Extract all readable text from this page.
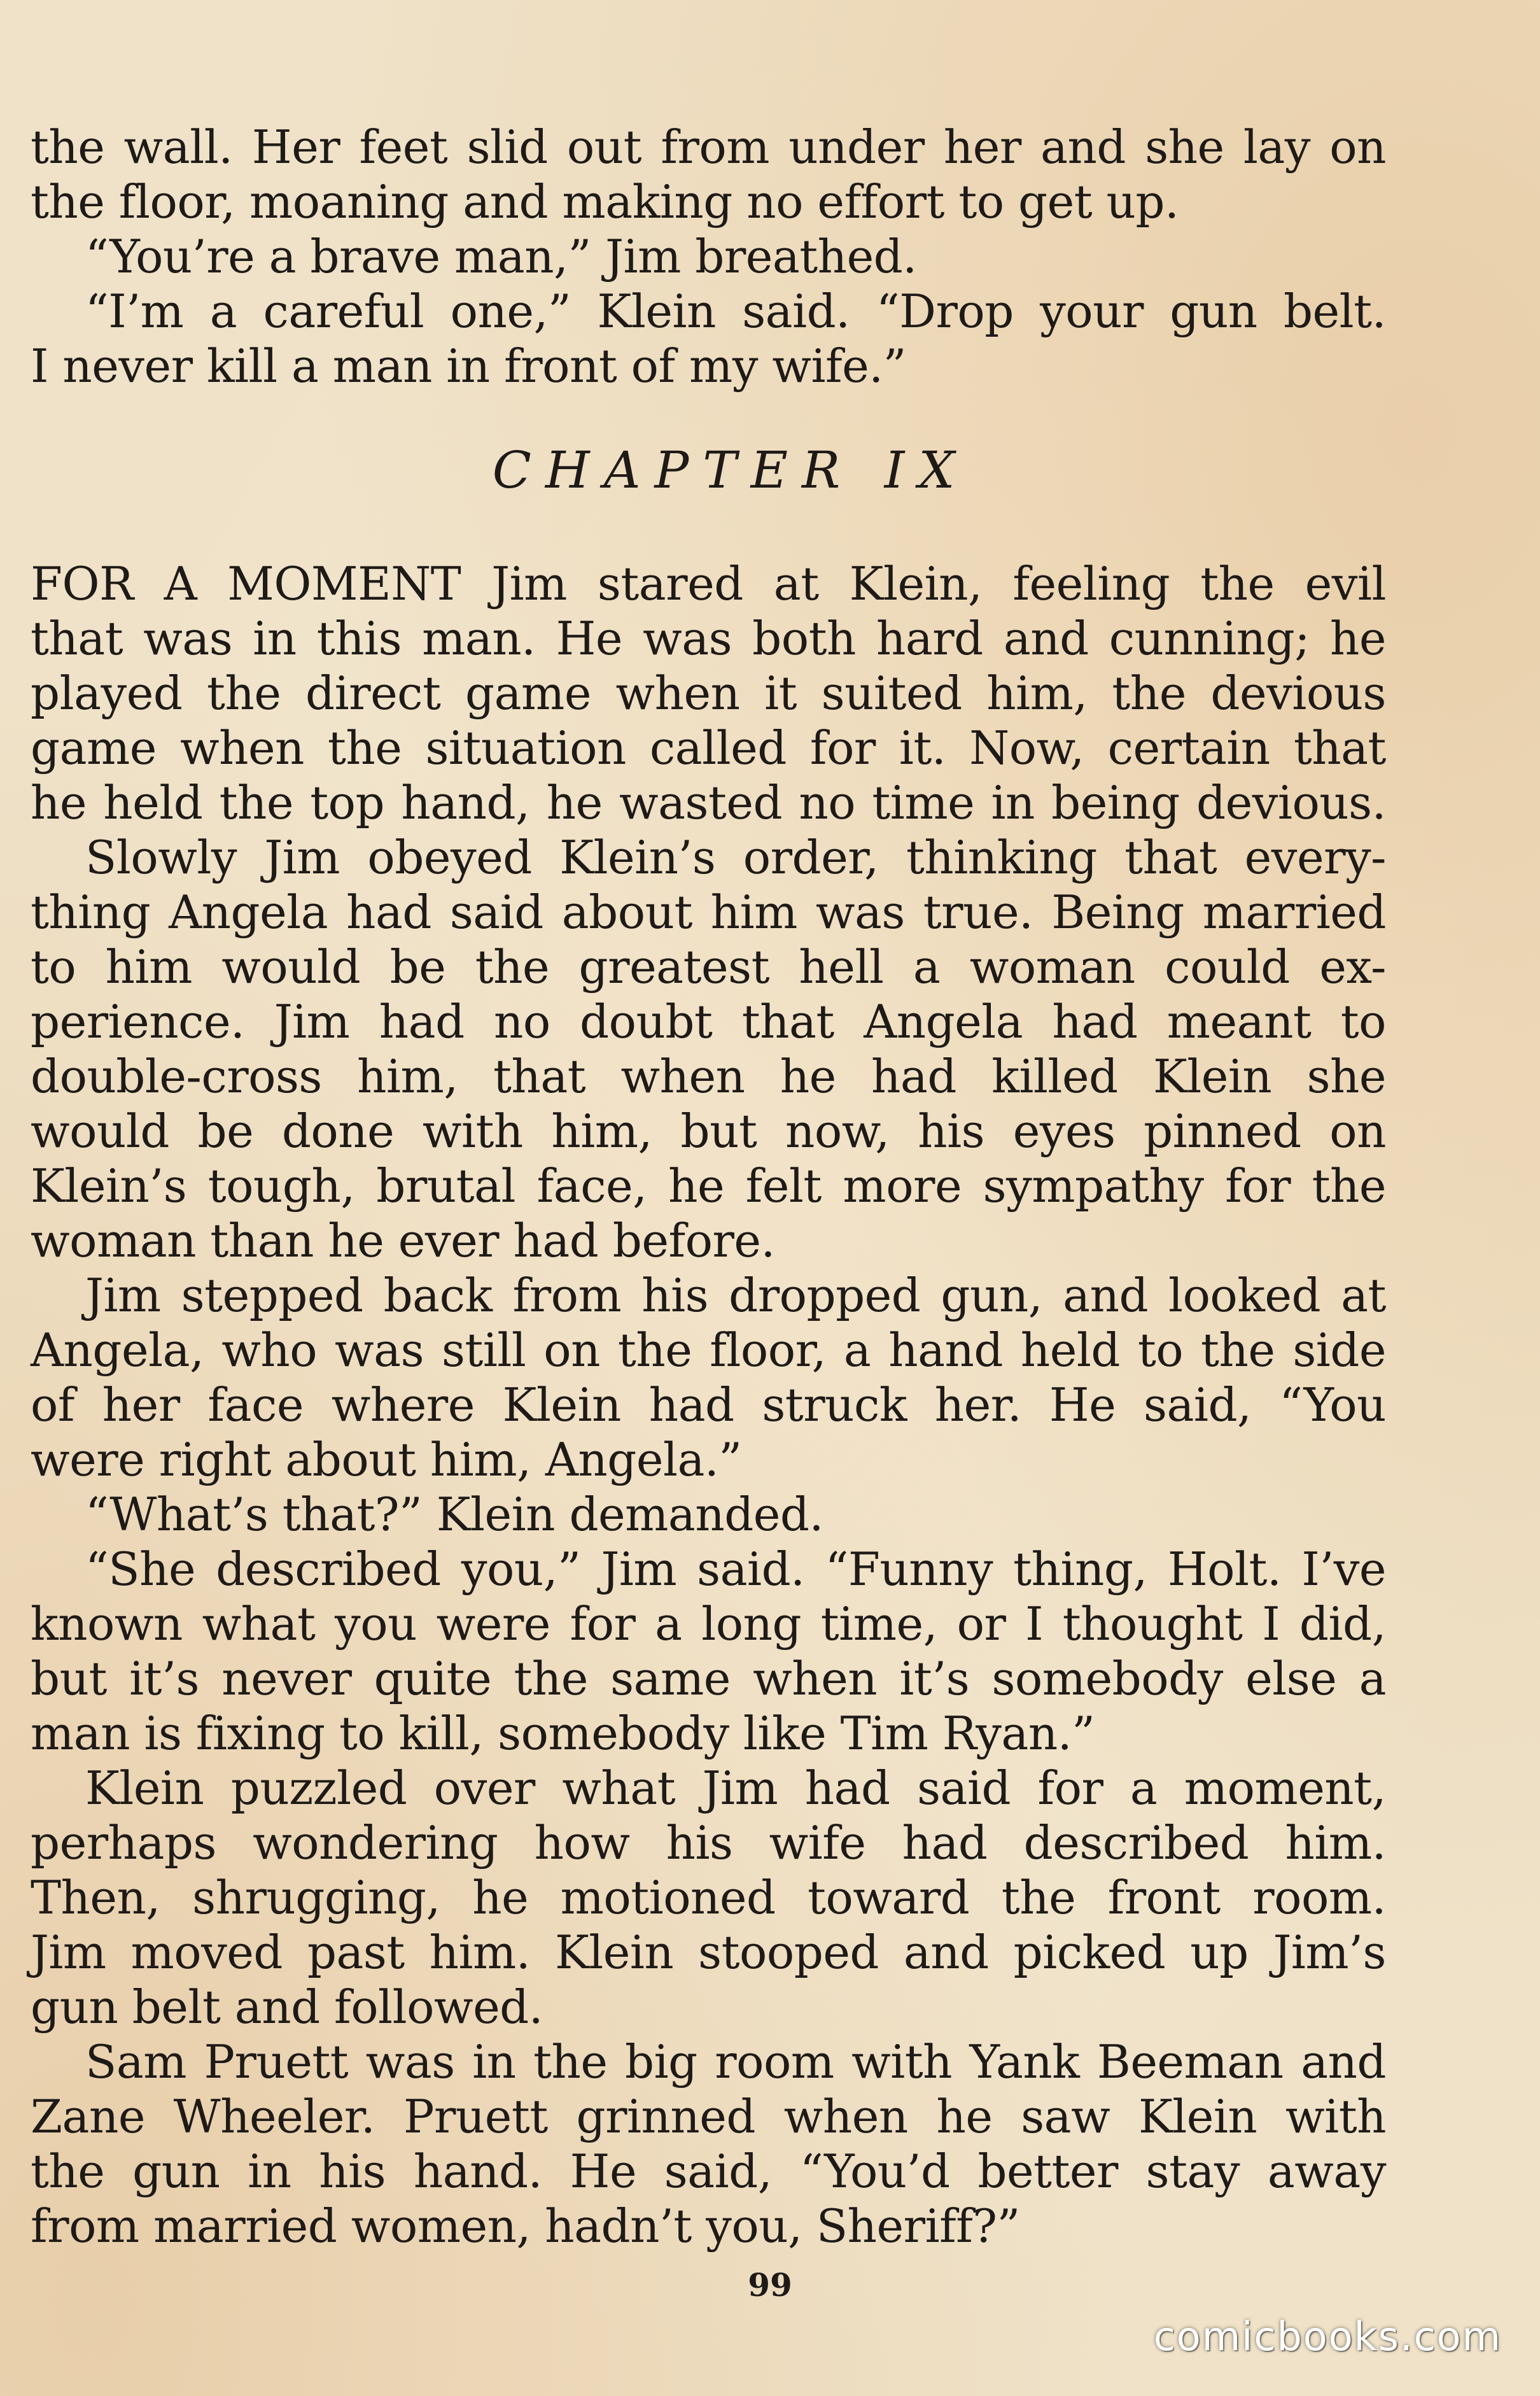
the wall. Her feet slid out from under her and she lay on
the floor, moaning and making no effort to get up.
“You’re a brave man,” Jim breathed.
“I’m a careful one,” Klein said. “Drop your gun belt.
I never kill a man in front of my wife.”
CHAPTER IX
FOR A MOMENT Jim stared at Klein, feeling the evil
that was in this man. He was both hard and cunning; he
played the direct game when it suited him, the devious
game when the situation called for it. Now, certain that
he held the top hand, he wasted no time in being devious.
Slowly Jim obeyed Klein’s order, thinking that every-
thing Angela had said about him was true. Being married
to him would be the greatest hell a woman could ex-
perience. Jim had no doubt that Angela had meant to
double-cross him, that when he had killed Klein she
would be done with him, but now, his eyes pinned on
Klein’s tough, brutal face, he felt more sympathy for the
woman than he ever had before.
Jim stepped back from his dropped gun, and looked at
Angela, who was still on the floor, a hand held to the side
of her face where Klein had struck her. He said, “You
were right about him, Angela.”
“What’s that?” Klein demanded.
“She described you,” Jim said. “Funny thing, Holt. I’ve
known what you were for a long time, or I thought I did,
but it’s never quite the same when it’s somebody else a
man is fixing to kill, somebody like Tim Ryan.”
Klein puzzled over what Jim had said for a moment,
perhaps wondering how his wife had described him.
Then, shrugging, he motioned toward the front room.
Jim moved past him. Klein stooped and picked up Jim’s
gun belt and followed.
Sam Pruett was in the big room with Yank Beeman and
Zane Wheeler. Pruett grinned when he saw Klein with
the gun in his hand. He said, “You’d better stay away
from married women, hadn’t you, Sheriff?”
99
comicbooks.com
